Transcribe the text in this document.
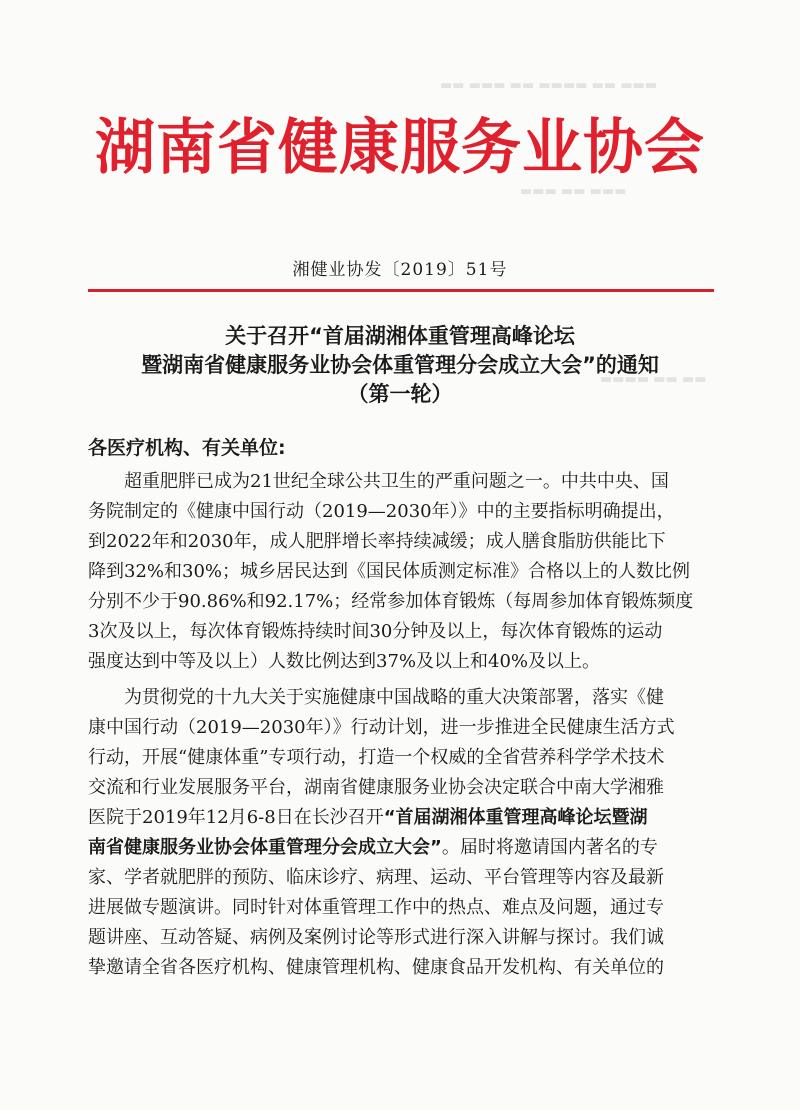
▬▬ ▬▬▬ ▬▬ ▬▬▬▬ ▬▬ ▬▬▬
▬▬▬ ▬▬ ▬▬▬
▬▬▬▬ ▬▬ ▬▬
湖南省健康服务业协会
湘健业协发〔2019〕51号
关于召开“首届湖湘体重管理高峰论坛
暨湖南省健康服务业协会体重管理分会成立大会”的通知
（第一轮）
各医疗机构、有关单位:
超重肥胖已成为21世纪全球公共卫生的严重问题之一。中共中央、国
务院制定的《健康中国行动（2019—2030年）》中的主要指标明确提出，
到2022年和2030年，成人肥胖增长率持续减缓；成人膳食脂肪供能比下
降到32%和30%；城乡居民达到《国民体质测定标准》合格以上的人数比例
分别不少于90.86%和92.17%；经常参加体育锻炼（每周参加体育锻炼频度
3次及以上，每次体育锻炼持续时间30分钟及以上，每次体育锻炼的运动
强度达到中等及以上）人数比例达到37%及以上和40%及以上。
为贯彻党的十九大关于实施健康中国战略的重大决策部署，落实《健
康中国行动（2019—2030年）》行动计划，进一步推进全民健康生活方式
行动，开展“健康体重”专项行动，打造一个权威的全省营养科学学术技术
交流和行业发展服务平台，湖南省健康服务业协会决定联合中南大学湘雅
医院于2019年12月6-8日在长沙召开“首届湖湘体重管理高峰论坛暨湖
南省健康服务业协会体重管理分会成立大会”。届时将邀请国内著名的专
家、学者就肥胖的预防、临床诊疗、病理、运动、平台管理等内容及最新
进展做专题演讲。同时针对体重管理工作中的热点、难点及问题，通过专
题讲座、互动答疑、病例及案例讨论等形式进行深入讲解与探讨。我们诚
挚邀请全省各医疗机构、健康管理机构、健康食品开发机构、有关单位的
